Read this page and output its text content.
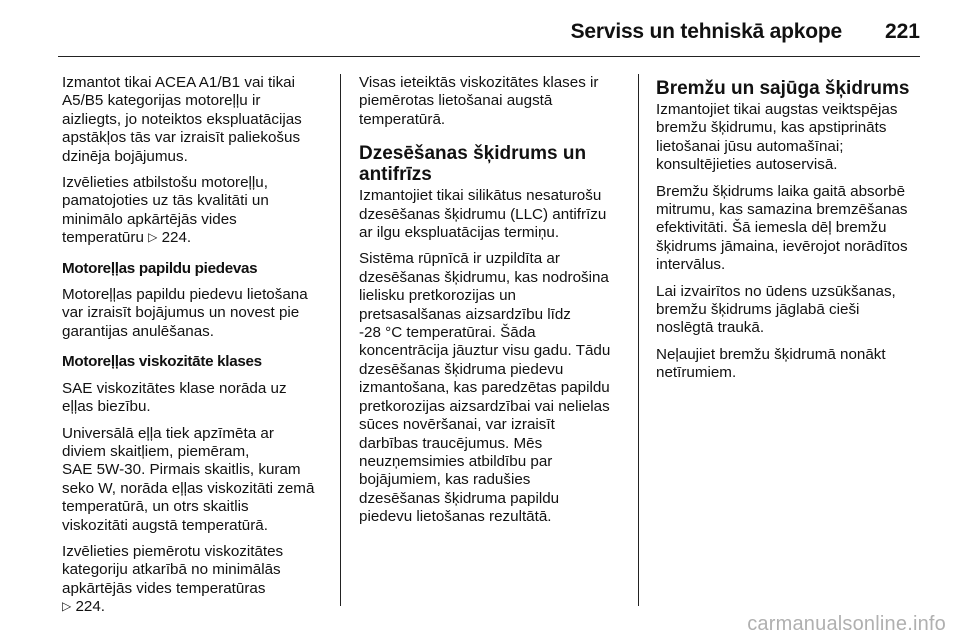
Serviss un tehniskā apkope 221

Izmantot tikai ACEA A1/B1 vai tikai
A5/B5 kategorijas motoreļļu ir
aizliegts, jo noteiktos ekspluatācijas
apstākļos tās var izraisīt paliekošus
dzinēja bojājumus.

Izvēlieties atbilstošu motoreļļu,
pamatojoties uz tās kvalitāti un
minimālo apkārtējās vides
temperatūru ▷ 224.

Motoreļļas papildu piedevas

Motoreļļas papildu piedevu lietošana
var izraisīt bojājumus un novest pie
garantijas anulēšanas.

Motoreļļas viskozitāte klases

SAE viskozitātes klase norāda uz
eļļas biezību.

Universālā eļļa tiek apzīmēta ar
diviem skaitļiem, piemēram,
SAE 5W-30. Pirmais skaitlis, kuram
seko W, norāda eļļas viskozitāti zemā
temperatūrā, un otrs skaitlis
viskozitāti augstā temperatūrā.

Izvēlieties piemērotu viskozitātes
kategoriju atkarībā no minimālās
apkārtējās vides temperatūras
▷ 224.

Visas ieteiktās viskozitātes klases ir
piemērotas lietošanai augstā
temperatūrā.

Dzesēšanas šķidrums un
antifrīzs

Izmantojiet tikai silikātus nesaturošu
dzesēšanas šķidrumu (LLC) antifrīzu
ar ilgu ekspluatācijas termiņu.

Sistēma rūpnīcā ir uzpildīta ar
dzesēšanas šķidrumu, kas nodrošina
lielisku pretkorozijas un
pretsasalšanas aizsardzību līdz
-28 °C temperatūrai. Šāda
koncentrācija jāuztur visu gadu. Tādu
dzesēšanas šķidruma piedevu
izmantošana, kas paredzētas papildu
pretkorozijas aizsardzībai vai nelielas
sūces novēršanai, var izraisīt
darbības traucējumus. Mēs
neuzņemsimies atbildību par
bojājumiem, kas radušies
dzesēšanas šķidruma papildu
piedevu lietošanas rezultātā.

Bremžu un sajūga šķidrums

Izmantojiet tikai augstas veiktspējas
bremžu šķidrumu, kas apstiprināts
lietošanai jūsu automašīnai;
konsultējieties autoservisā.

Bremžu šķidrums laika gaitā absorbē
mitrumu, kas samazina bremzēšanas
efektivitāti. Šā iemesla dēļ bremžu
šķidrums jāmaina, ievērojot norādītos
intervālus.

Lai izvairītos no ūdens uzsūkšanas,
bremžu šķidrums jāglabā cieši
noslēgtā traukā.

Neļaujiet bremžu šķidrumā nonākt
netīrumiem.

carmanualsonline.info
